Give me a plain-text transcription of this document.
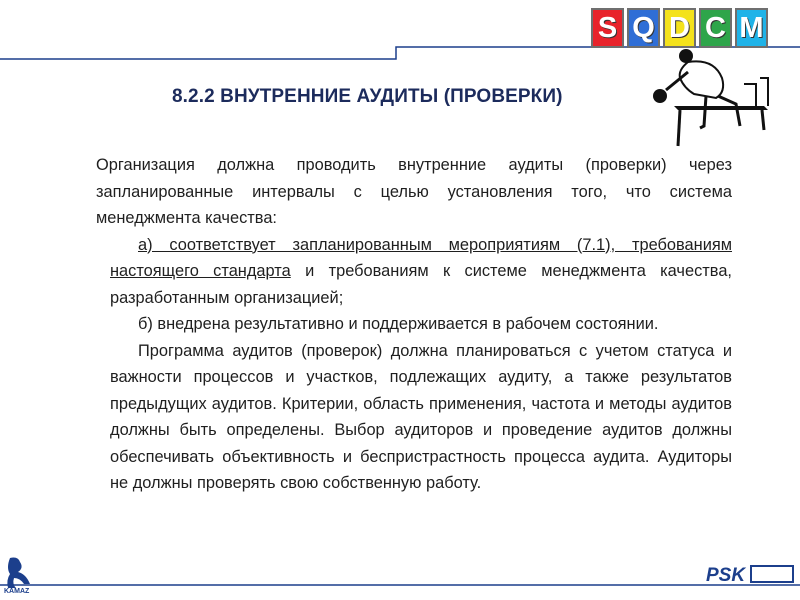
S Q D C M
8.2.2 ВНУТРЕННИЕ АУДИТЫ (ПРОВЕРКИ)

Организация должна проводить внутренние аудиты (проверки) через запланированные интервалы с целью установления того, что система менеджмента качества:

а) соответствует запланированным мероприятиям (7.1), требованиям настоящего стандарта и требованиям к системе менеджмента качества, разработанным организацией;

б) внедрена результативно и поддерживается в рабочем состоянии.

Программа аудитов (проверок) должна планироваться с учетом статуса и важности процессов и участков, подлежащих аудиту, а также результатов предыдущих аудитов. Критерии, область применения, частота и методы аудитов должны быть определены. Выбор аудиторов и проведение аудитов должны обеспечивать объективность и беспристрастность процесса аудита. Аудиторы не должны проверять свою собственную работу.

KAMAZ
PSK
